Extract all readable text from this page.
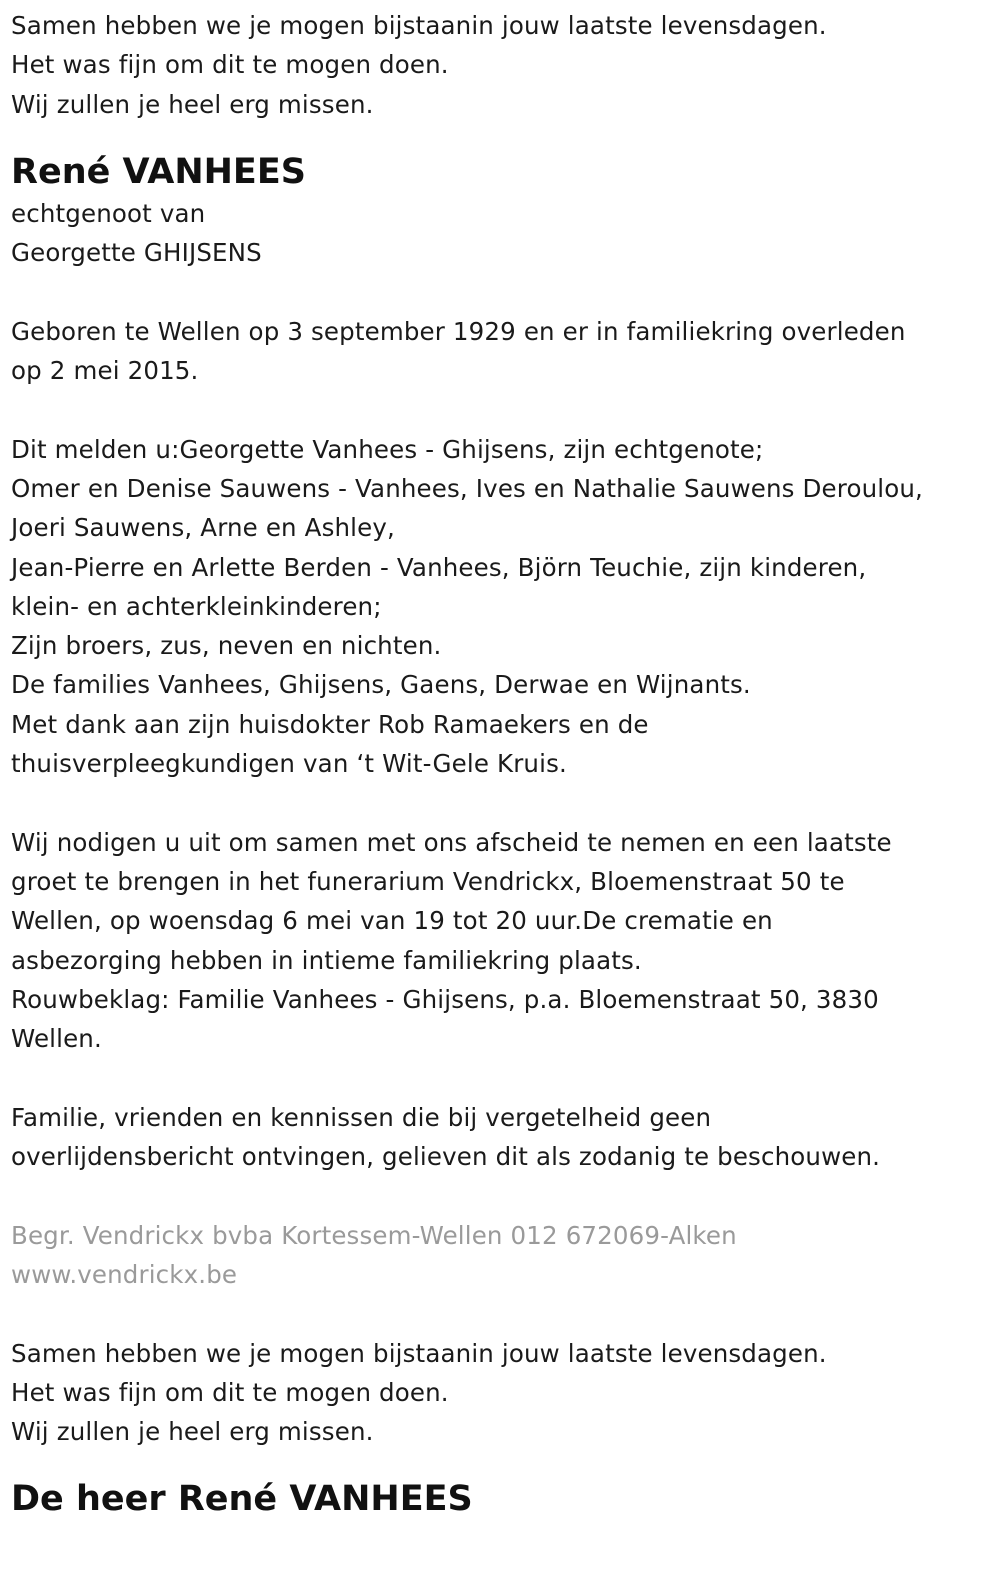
Samen hebben we je mogen bijstaanin jouw laatste levensdagen.
Het was fijn om dit te mogen doen.
Wij zullen je heel erg missen.

René VANHEES

echtgenoot van
Georgette GHIJSENS

Geboren te Wellen op 3 september 1929 en er in familiekring overleden
op 2 mei 2015.

Dit melden u:Georgette Vanhees - Ghijsens, zijn echtgenote;
Omer en Denise Sauwens - Vanhees, Ives en Nathalie Sauwens Deroulou,
Joeri Sauwens, Arne en Ashley,
Jean-Pierre en Arlette Berden - Vanhees, Björn Teuchie, zijn kinderen,
klein- en achterkleinkinderen;
Zijn broers, zus, neven en nichten.
De families Vanhees, Ghijsens, Gaens, Derwae en Wijnants.
Met dank aan zijn huisdokter Rob Ramaekers en de
thuisverpleegkundigen van ‘t Wit-Gele Kruis.

Wij nodigen u uit om samen met ons afscheid te nemen en een laatste
groet te brengen in het funerarium Vendrickx, Bloemenstraat 50 te
Wellen, op woensdag 6 mei van 19 tot 20 uur.De crematie en
asbezorging hebben in intieme familiekring plaats.
Rouwbeklag: Familie Vanhees - Ghijsens, p.a. Bloemenstraat 50, 3830
Wellen.

Familie, vrienden en kennissen die bij vergetelheid geen
overlijdensbericht ontvingen, gelieven dit als zodanig te beschouwen.

Begr. Vendrickx bvba Kortessem-Wellen 012 672069-Alken
www.vendrickx.be

Samen hebben we je mogen bijstaanin jouw laatste levensdagen.
Het was fijn om dit te mogen doen.
Wij zullen je heel erg missen.

De heer René VANHEES
